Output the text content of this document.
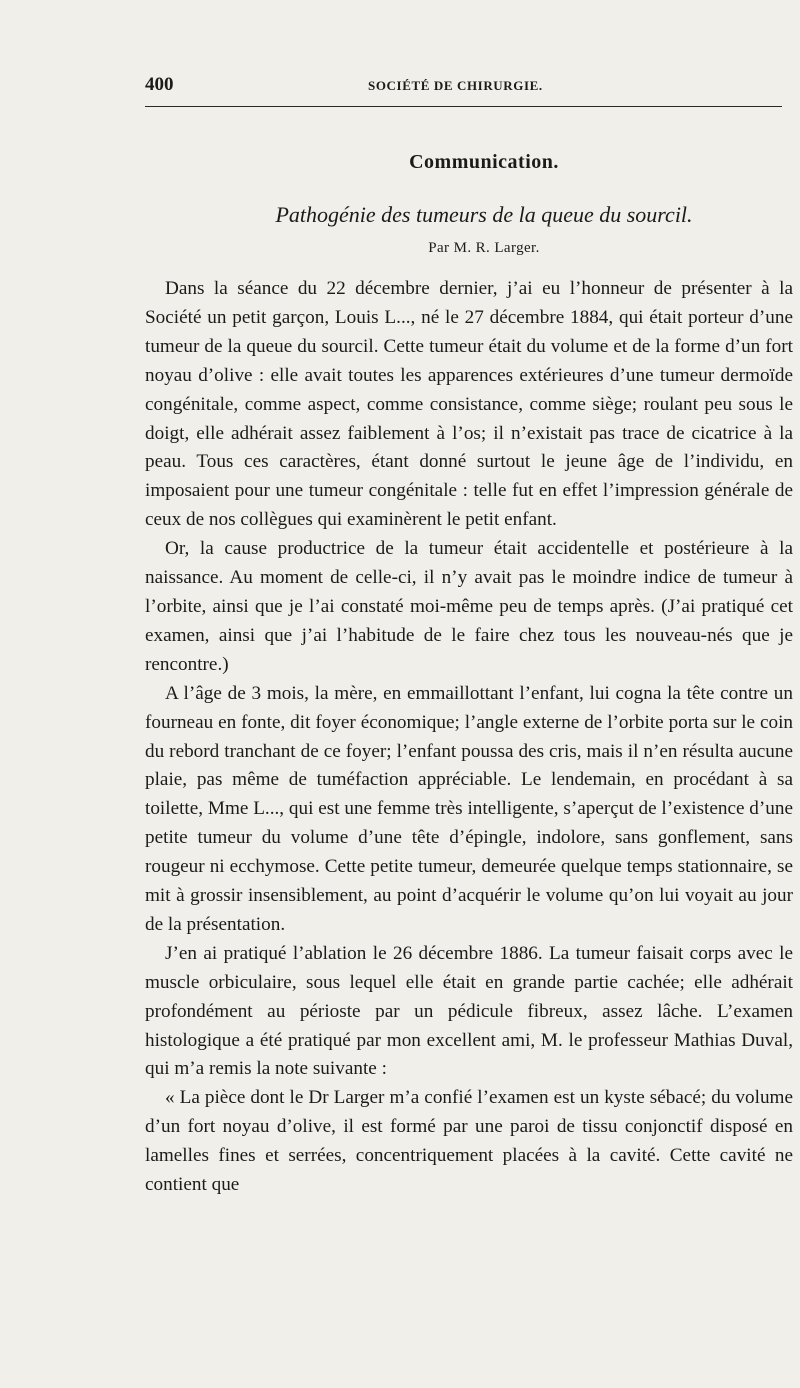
400	SOCIÉTÉ DE CHIRURGIE.
Communication.
Pathogénie des tumeurs de la queue du sourcil.
Par M. R. Larger.

Dans la séance du 22 décembre dernier, j’ai eu l’honneur de présenter à la Société un petit garçon, Louis L..., né le 27 décembre 1884, qui était porteur d’une tumeur de la queue du sourcil. Cette tumeur était du volume et de la forme d’un fort noyau d’olive : elle avait toutes les apparences extérieures d’une tumeur dermoïde congénitale, comme aspect, comme consistance, comme siège; roulant peu sous le doigt, elle adhérait assez faiblement à l’os; il n’existait pas trace de cicatrice à la peau. Tous ces caractères, étant donné surtout le jeune âge de l’individu, en imposaient pour une tumeur congénitale : telle fut en effet l’impression générale de ceux de nos collègues qui examinèrent le petit enfant.

Or, la cause productrice de la tumeur était accidentelle et postérieure à la naissance. Au moment de celle-ci, il n’y avait pas le moindre indice de tumeur à l’orbite, ainsi que je l’ai constaté moi-même peu de temps après. (J’ai pratiqué cet examen, ainsi que j’ai l’habitude de le faire chez tous les nouveau-nés que je rencontre.)

A l’âge de 3 mois, la mère, en emmaillottant l’enfant, lui cogna la tête contre un fourneau en fonte, dit foyer économique; l’angle externe de l’orbite porta sur le coin du rebord tranchant de ce foyer; l’enfant poussa des cris, mais il n’en résulta aucune plaie, pas même de tuméfaction appréciable. Le lendemain, en procédant à sa toilette, Mme L..., qui est une femme très intelligente, s’aperçut de l’existence d’une petite tumeur du volume d’une tête d’épingle, indolore, sans gonflement, sans rougeur ni ecchymose. Cette petite tumeur, demeurée quelque temps stationnaire, se mit à grossir insensiblement, au point d’acquérir le volume qu’on lui voyait au jour de la présentation.

J’en ai pratiqué l’ablation le 26 décembre 1886. La tumeur faisait corps avec le muscle orbiculaire, sous lequel elle était en grande partie cachée; elle adhérait profondément au périoste par un pédicule fibreux, assez lâche. L’examen histologique a été pratiqué par mon excellent ami, M. le professeur Mathias Duval, qui m’a remis la note suivante :

« La pièce dont le Dr Larger m’a confié l’examen est un kyste sébacé; du volume d’un fort noyau d’olive, il est formé par une paroi de tissu conjonctif disposé en lamelles fines et serrées, concentriquement placées à la cavité. Cette cavité ne contient que
